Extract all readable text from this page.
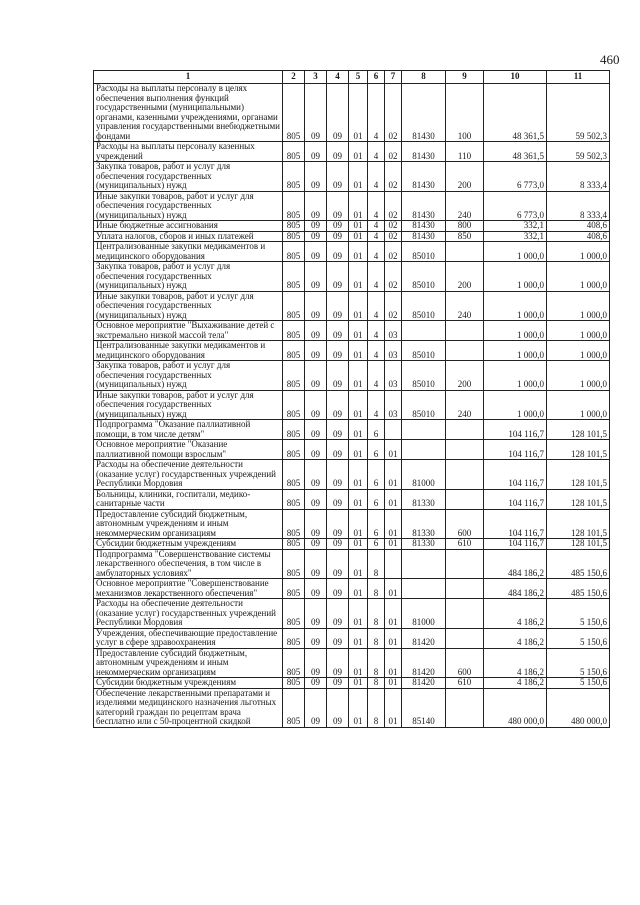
460
1	2	3	4	5	6	7	8	9	10	11
Расходы на выплаты персоналу в целях обеспечения выполнения функций государственными (муниципальными) органами, казенными учреждениями, органами управления государственными внебюджетными фондами	805	09	09	01	4	02	81430	100	48 361,5	59 502,3
Расходы на выплаты персоналу казенных учреждений	805	09	09	01	4	02	81430	110	48 361,5	59 502,3
Закупка товаров, работ и услуг для обеспечения государственных (муниципальных) нужд	805	09	09	01	4	02	81430	200	6 773,0	8 333,4
Иные закупки товаров, работ и услуг для обеспечения государственных (муниципальных) нужд	805	09	09	01	4	02	81430	240	6 773,0	8 333,4
Иные бюджетные ассигнования	805	09	09	01	4	02	81430	800	332,1	408,6
Уплата налогов, сборов и иных платежей	805	09	09	01	4	02	81430	850	332,1	408,6
Централизованные закупки медикаментов и медицинского оборудования	805	09	09	01	4	02	85010		1 000,0	1 000,0
Закупка товаров, работ и услуг для обеспечения государственных (муниципальных) нужд	805	09	09	01	4	02	85010	200	1 000,0	1 000,0
Иные закупки товаров, работ и услуг для обеспечения государственных (муниципальных) нужд	805	09	09	01	4	02	85010	240	1 000,0	1 000,0
Основное мероприятие "Выхаживание детей с экстремально низкой массой тела"	805	09	09	01	4	03			1 000,0	1 000,0
Централизованные закупки медикаментов и медицинского оборудования	805	09	09	01	4	03	85010		1 000,0	1 000,0
Закупка товаров, работ и услуг для обеспечения государственных (муниципальных) нужд	805	09	09	01	4	03	85010	200	1 000,0	1 000,0
Иные закупки товаров, работ и услуг для обеспечения государственных (муниципальных) нужд	805	09	09	01	4	03	85010	240	1 000,0	1 000,0
Подпрограмма "Оказание паллиативной помощи, в том числе детям"	805	09	09	01	6				104 116,7	128 101,5
Основное мероприятие "Оказание паллиативной помощи взрослым"	805	09	09	01	6	01			104 116,7	128 101,5
Расходы на обеспечение деятельности (оказание услуг) государственных учреждений Республики Мордовия	805	09	09	01	6	01	81000		104 116,7	128 101,5
Больницы, клиники, госпитали, медико-санитарные части	805	09	09	01	6	01	81330		104 116,7	128 101,5
Предоставление субсидий бюджетным, автономным учреждениям и иным некоммерческим организациям	805	09	09	01	6	01	81330	600	104 116,7	128 101,5
Субсидии бюджетным учреждениям	805	09	09	01	6	01	81330	610	104 116,7	128 101,5
Подпрограмма "Совершенствование системы лекарственного обеспечения, в том числе в амбулаторных условиях"	805	09	09	01	8				484 186,2	485 150,6
Основное мероприятие "Совершенствование механизмов лекарственного обеспечения"	805	09	09	01	8	01			484 186,2	485 150,6
Расходы на обеспечение деятельности (оказание услуг) государственных учреждений Республики Мордовия	805	09	09	01	8	01	81000		4 186,2	5 150,6
Учреждения, обеспечивающие предоставление услуг в сфере здравоохранения	805	09	09	01	8	01	81420		4 186,2	5 150,6
Предоставление субсидий бюджетным, автономным учреждениям и иным некоммерческим организациям	805	09	09	01	8	01	81420	600	4 186,2	5 150,6
Субсидии бюджетным учреждениям	805	09	09	01	8	01	81420	610	4 186,2	5 150,6
Обеспечение лекарственными препаратами и изделиями медицинского назначения льготных категорий граждан по рецептам врача бесплатно или с 50-процентной скидкой	805	09	09	01	8	01	85140		480 000,0	480 000,0
